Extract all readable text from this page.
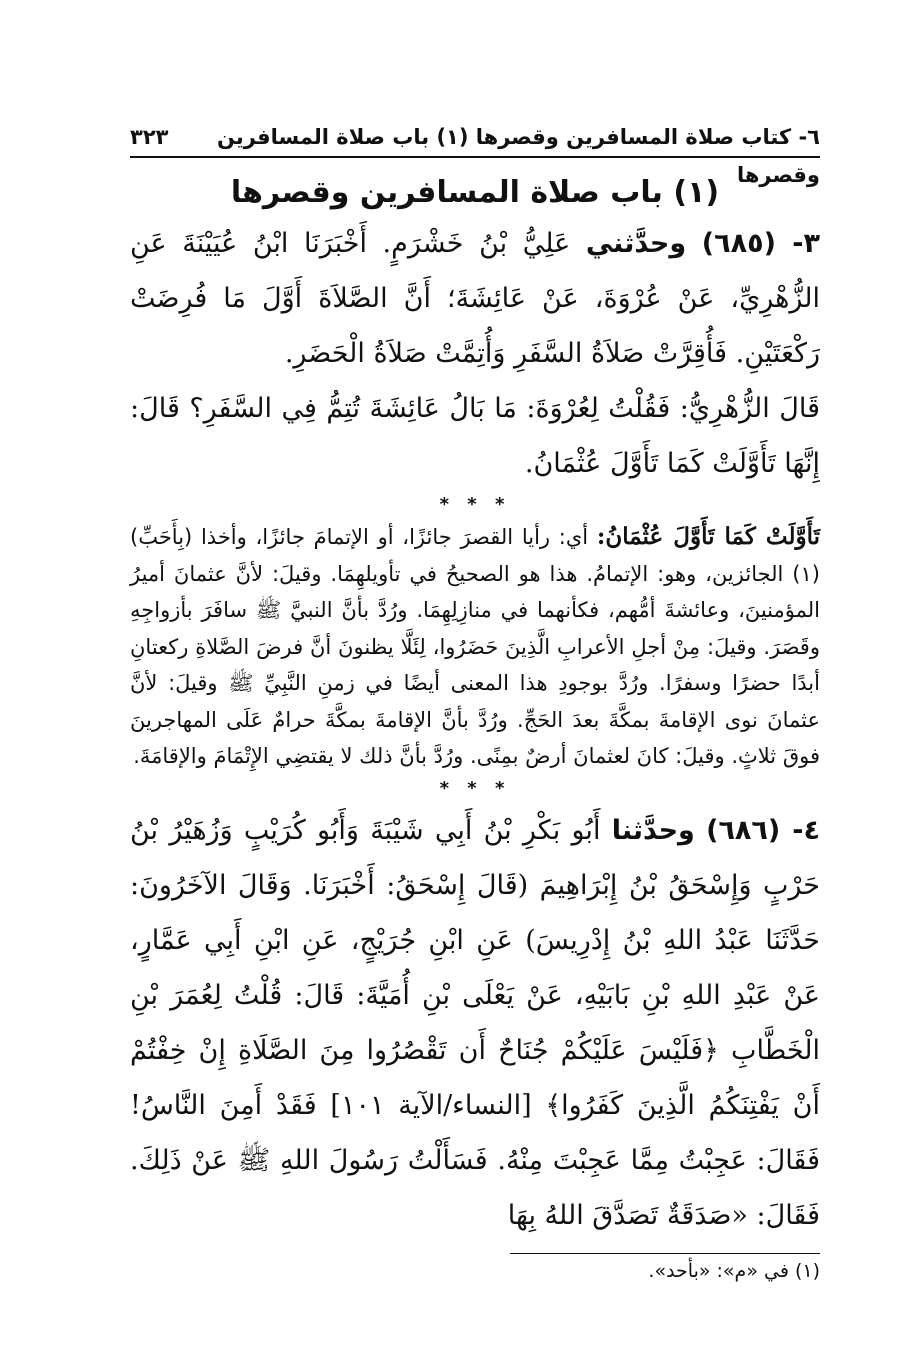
٦- كتاب صلاة المسافرين وقصرها (١) باب صلاة المسافرين وقصرها
٣٢٣
(١) باب صلاة المسافرين وقصرها

٣- (٦٨٥) وحدَّثني عَلِيُّ بْنُ خَشْرَمٍ. أَخْبَرَنَا ابْنُ عُيَيْنَةَ عَنِ الزُّهْرِيِّ، عَنْ عُرْوَةَ، عَنْ عَائِشَةَ؛ أَنَّ الصَّلاَةَ أَوَّلَ مَا فُرِضَتْ رَكْعَتَيْنِ. فَأُقِرَّتْ صَلاَةُ السَّفَرِ وَأُتِمَّتْ صَلاَةُ الْحَضَرِ.

قَالَ الزُّهْرِيُّ: فَقُلْتُ لِعُرْوَةَ: مَا بَالُ عَائِشَةَ تُتِمُّ فِي السَّفَرِ؟ قَالَ: إِنَّهَا تَأَوَّلَتْ كَمَا تَأَوَّلَ عُثْمَانُ.

* * *

تَأَوَّلَتْ كَمَا تَأَوَّلَ عُثْمَانُ: أي: رأيا القصرَ جائزًا، أو الإتمامَ جائزًا، وأخذا (بِأَحَبِّ)(١) الجائزين، وهو: الإتمامُ. هذا هو الصحيحُ في تأويلهِمَا. وقيلَ: لأنَّ عثمانَ أميرُ المؤمنينَ، وعائشةَ أمُّهم، فكأنهما في منازِلِهِمَا. ورُدَّ بأنَّ النبيَّ ﷺ سافَرَ بأزواجِهِ وقَصَرَ. وقيلَ: مِنْ أجلِ الأعرابِ الَّذِينَ حَضَرُوا، لِئَلَّا يظنونَ أنَّ فرضَ الصَّلاةِ ركعتانِ أبدًا حضرًا وسفرًا. ورُدَّ بوجودِ هذا المعنى أيضًا في زمنِ النَّبِيِّ ﷺ وقيلَ: لأنَّ عثمانَ نوى الإقامةَ بمكَّةَ بعدَ الحَجِّ. ورُدَّ بأنَّ الإقامةَ بمكَّةَ حرامٌ عَلَى المهاجرينَ فوقَ ثلاثٍ. وقيلَ: كانَ لعثمانَ أرضٌ بمِنًى. ورُدَّ بأنَّ ذلك لا يقتضِي الإِتْمَامَ والإقامَةَ.

* * *

٤- (٦٨٦) وحدَّثنا أَبُو بَكْرِ بْنُ أَبِي شَيْبَةَ وَأَبُو كُرَيْبٍ وَزُهَيْرُ بْنُ حَرْبٍ وَإِسْحَقُ بْنُ إِبْرَاهِيمَ (قَالَ إِسْحَقُ: أَخْبَرَنَا. وَقَالَ الآخَرُونَ: حَدَّثَنَا عَبْدُ اللهِ بْنُ إِدْرِيسَ) عَنِ ابْنِ جُرَيْجٍ، عَنِ ابْنِ أَبِي عَمَّارٍ، عَنْ عَبْدِ اللهِ بْنِ بَابَيْهِ، عَنْ يَعْلَى بْنِ أُمَيَّةَ: قَالَ: قُلْتُ لِعُمَرَ بْنِ الْخَطَّابِ ﴿فَلَيْسَ عَلَيْكُمْ جُنَاحٌ أَن تَقْصُرُوا مِنَ الصَّلَاةِ إِنْ خِفْتُمْ أَنْ يَفْتِنَكُمُ الَّذِينَ كَفَرُوا﴾ [النساء/الآية ١٠١] فَقَدْ أَمِنَ النَّاسُ! فَقَالَ: عَجِبْتُ مِمَّا عَجِبْتَ مِنْهُ. فَسَأَلْتُ رَسُولَ اللهِ ﷺ عَنْ ذَلِكَ. فَقَالَ: «صَدَقَةٌ تَصَدَّقَ اللهُ بِهَا

(١) في «م»: «بأحد».
